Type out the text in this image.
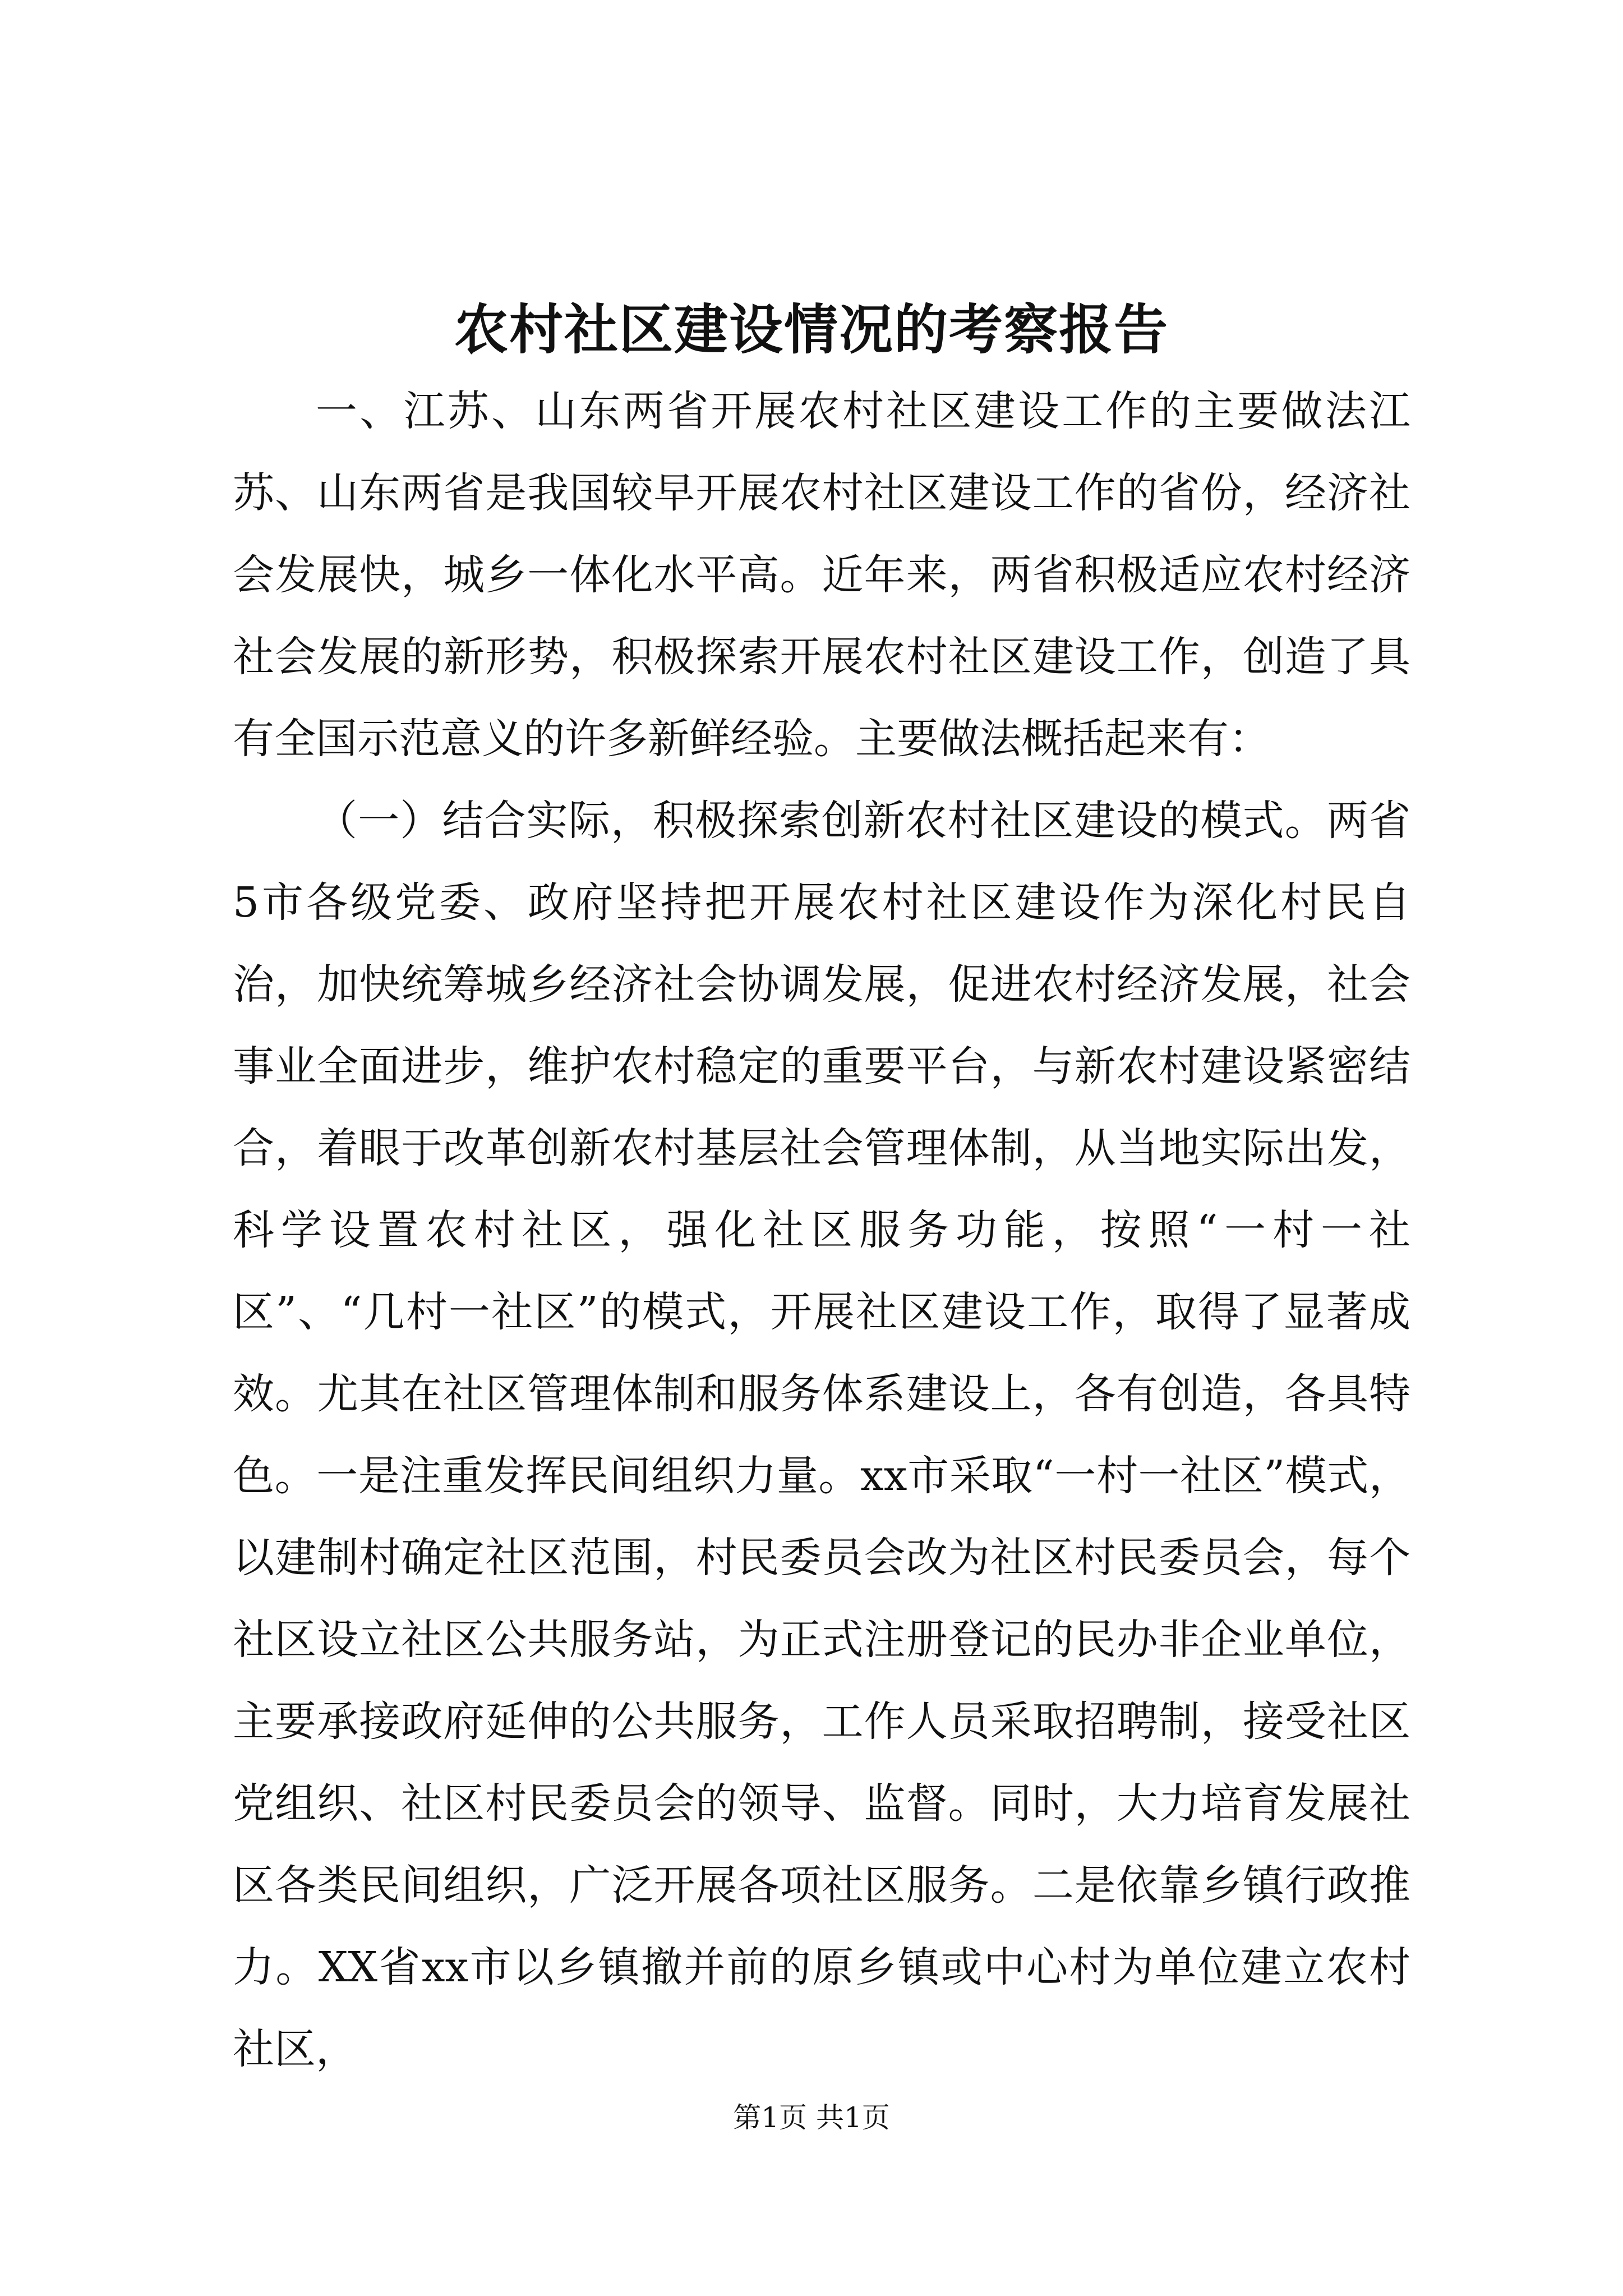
农村社区建设情况的考察报告

一、江苏、山东两省开展农村社区建设工作的主要做法江苏、山东两省是我国较早开展农村社区建设工作的省份，经济社会发展快，城乡一体化水平高。近年来，两省积极适应农村经济社会发展的新形势，积极探索开展农村社区建设工作，创造了具有全国示范意义的许多新鲜经验。主要做法概括起来有：

（一）结合实际，积极探索创新农村社区建设的模式。两省5市各级党委、政府坚持把开展农村社区建设作为深化村民自治，加快统筹城乡经济社会协调发展，促进农村经济发展，社会事业全面进步，维护农村稳定的重要平台，与新农村建设紧密结合，着眼于改革创新农村基层社会管理体制，从当地实际出发，科学设置农村社区，强化社区服务功能，按照“一村一社区”、“几村一社区”的模式，开展社区建设工作，取得了显著成效。尤其在社区管理体制和服务体系建设上，各有创造，各具特色。一是注重发挥民间组织力量。xx市采取“一村一社区”模式，以建制村确定社区范围，村民委员会改为社区村民委员会，每个社区设立社区公共服务站，为正式注册登记的民办非企业单位，主要承接政府延伸的公共服务，工作人员采取招聘制，接受社区党组织、社区村民委员会的领导、监督。同时，大力培育发展社区各类民间组织，广泛开展各项社区服务。二是依靠乡镇行政推力。XX省xx市以乡镇撤并前的原乡镇或中心村为单位建立农村社区，

第1页 共1页
